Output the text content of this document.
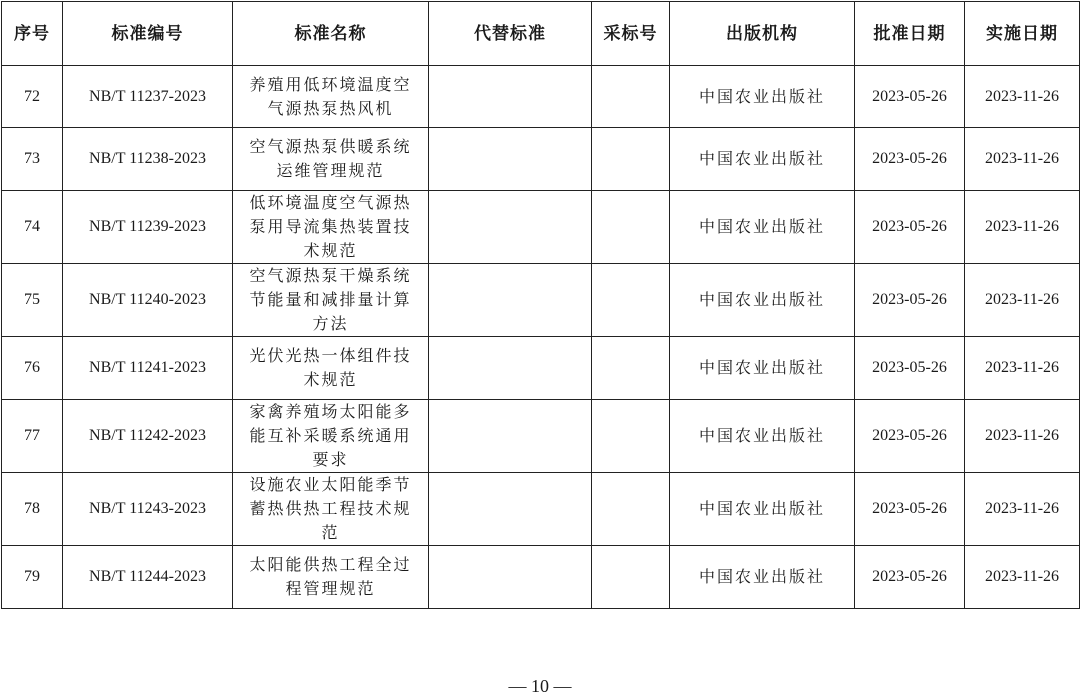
序号	标准编号	标准名称	代替标准	采标号	出版机构	批准日期	实施日期
72	NB/T 11237-2023	养殖用低环境温度空气源热泵热风机			中国农业出版社	2023-05-26	2023-11-26
73	NB/T 11238-2023	空气源热泵供暖系统运维管理规范			中国农业出版社	2023-05-26	2023-11-26
74	NB/T 11239-2023	低环境温度空气源热泵用导流集热装置技术规范			中国农业出版社	2023-05-26	2023-11-26
75	NB/T 11240-2023	空气源热泵干燥系统节能量和减排量计算方法			中国农业出版社	2023-05-26	2023-11-26
76	NB/T 11241-2023	光伏光热一体组件技术规范			中国农业出版社	2023-05-26	2023-11-26
77	NB/T 11242-2023	家禽养殖场太阳能多能互补采暖系统通用要求			中国农业出版社	2023-05-26	2023-11-26
78	NB/T 11243-2023	设施农业太阳能季节蓄热供热工程技术规范			中国农业出版社	2023-05-26	2023-11-26
79	NB/T 11244-2023	太阳能供热工程全过程管理规范			中国农业出版社	2023-05-26	2023-11-26
— 10 —
